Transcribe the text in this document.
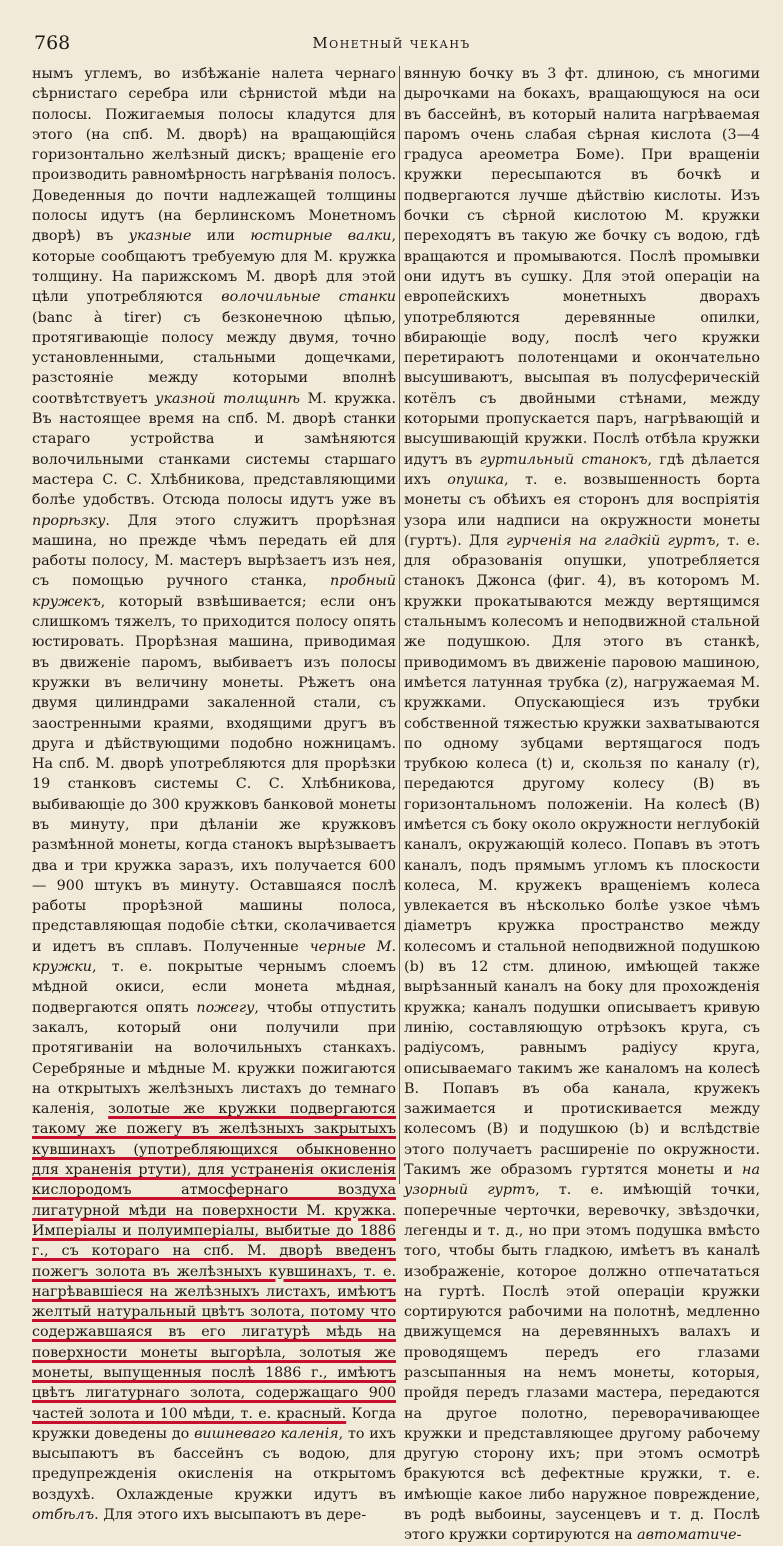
768	Монетный чеканъ

нымъ углемъ, во избѣжаніе налета чернаго сѣрнистаго серебра или сѣрнистой мѣди на полосы. Пожигаемыя полосы кладутся для этого (на спб. М. дворѣ) на вращающійся горизонтально желѣзный дискъ; вращеніе его производить равномѣрность нагрѣванія полосъ. Доведенныя до почти надлежащей толщины полосы идутъ (на берлинскомъ Монетномъ дворѣ) въ указные или юстирные валки, которые сообщаютъ требуемую для М. кружка толщину. На парижскомъ М. дворѣ для этой цѣли употребляются волочильные станки (banc à tirer) съ безконечною цѣпью, протягивающіе полосу между двумя, точно установленными, стальными дощечками, разстояніе между которыми вполнѣ соотвѣтствуетъ указной толщинѣ М. кружка. Въ настоящее время на спб. М. дворѣ станки стараго устройства и замѣняются волочильными станками системы старшаго мастера С. С. Хлѣбникова, представляющими болѣе удобствъ. Отсюда полосы идутъ уже въ прорѣзку. Для этого служитъ прорѣзная машина, но прежде чѣмъ передать ей для работы полосу, М. мастеръ вырѣзаетъ изъ нея, съ помощью ручного станка, пробный кружекъ, который взвѣшивается; если онъ слишкомъ тяжелъ, то приходится полосу опять юстировать. Прорѣзная машина, приводимая въ движеніе паромъ, выбиваетъ изъ полосы кружки въ величину монеты. Рѣжетъ она двумя цилиндрами закаленной стали, съ заостренными краями, входящими другъ въ друга и дѣйствующими подобно ножницамъ. На спб. М. дворѣ употребляются для прорѣзки 19 станковъ системы С. С. Хлѣбникова, выбивающіе до 300 кружковъ банковой монеты въ минуту, при дѣланіи же кружковъ размѣнной монеты, когда станокъ вырѣзываетъ два и три кружка заразъ, ихъ получается 600 — 900 штукъ въ минуту. Оставшаяся послѣ работы прорѣзной машины полоса, представляющая подобіе сѣтки, сколачивается и идетъ въ сплавъ. Полученные черные М. кружки, т. е. покрытые чернымъ слоемъ мѣдной окиси, если монета мѣдная, подвергаются опять пожегу, чтобы отпустить закалъ, который они получили при протягиваніи на волочильныхъ станкахъ. Серебряные и мѣдные М. кружки пожигаются на открытыхъ желѣзныхъ листахъ до темнаго каленія, золотые же кружки подвергаются такому же пожегу въ желѣзныхъ закрытыхъ кувшинахъ (употребляющихся обыкновенно для храненія ртути), для устраненія окисленія кислородомъ атмосфернаго воздуха лигатурной мѣди на поверхности М. кружка. Имперіалы и полуимперіалы, выбитые до 1886 г., съ котораго на спб. М. дворѣ введенъ пожегъ золота въ желѣзныхъ кувшинахъ, т. е. нагрѣвавшіеся на желѣзныхъ листахъ, имѣютъ желтый натуральный цвѣтъ золота, потому что содержавшаяся въ его лигатурѣ мѣдь на поверхности монеты выгорѣла, золотыя же монеты, выпущенныя послѣ 1886 г., имѣютъ цвѣтъ лигатурнаго золота, содержащаго 900 частей золота и 100 мѣди, т. е. красный. Когда кружки доведены до вишневаго каленія, то ихъ высыпаютъ въ бассейнъ съ водою, для предупрежденія окисленія на открытомъ воздухѣ. Охлажденые кружки идутъ въ отбѣлъ. Для этого ихъ высыпаютъ въ дере-

вянную бочку въ 3 фт. длиною, съ многими дырочками на бокахъ, вращающуюся на оси въ бассейнѣ, въ который налита нагрѣваемая паромъ очень слабая сѣрная кислота (3—4 градуса ареометра Боме). При вращеніи кружки пересыпаются въ бочкѣ и подвергаются лучше дѣйствію кислоты. Изъ бочки съ сѣрной кислотою М. кружки переходятъ въ такую же бочку съ водою, гдѣ вращаются и промываются. Послѣ промывки они идутъ въ сушку. Для этой операціи на европейскихъ монетныхъ дворахъ употребляются деревянные опилки, вбирающіе воду, послѣ чего кружки перетираютъ полотенцами и окончательно высушиваютъ, высыпая въ полусферическій котёлъ съ двойными стѣнами, между которыми пропускается паръ, нагрѣвающій и высушивающій кружки. Послѣ отбѣла кружки идутъ въ гуртильный станокъ, гдѣ дѣлается ихъ опушка, т. е. возвышенность борта монеты съ обѣихъ ея сторонъ для воспріятія узора или надписи на окружности монеты (гуртъ). Для гурченія на гладкій гуртъ, т. е. для образованія опушки, употребляется станокъ Джонса (фиг. 4), въ которомъ М. кружки прокатываются между вертящимся стальнымъ колесомъ и неподвижной стальной же подушкою. Для этого въ станкѣ, приводимомъ въ движеніе паровою машиною, имѣется латунная трубка (z), нагружаемая М. кружками. Опускающіеся изъ трубки собственной тяжестью кружки захватываются по одному зубцами вертящагося подъ трубкою колеса (t) и, скользя по каналу (r), передаются другому колесу (B) въ горизонтальномъ положеніи. На колесѣ (B) имѣется съ боку около окружности неглубокій каналъ, окружающій колесо. Попавъ въ этотъ каналъ, подъ прямымъ угломъ къ плоскости колеса, М. кружекъ вращеніемъ колеса увлекается въ нѣсколько болѣе узкое чѣмъ діаметръ кружка пространство между колесомъ и стальной неподвижной подушкою (b) въ 12 стм. длиною, имѣющей также вырѣзанный каналъ на боку для прохожденія кружка; каналъ подушки описываетъ кривую линію, составляющую отрѣзокъ круга, съ радіусомъ, равнымъ радіусу круга, описываемаго такимъ же каналомъ на колесѣ B. Попавъ въ оба канала, кружекъ зажимается и протискивается между колесомъ (B) и подушкою (b) и вслѣдствіе этого получаетъ расширеніе по окружности. Такимъ же образомъ гуртятся монеты и на узорный гуртъ, т. е. имѣющій точки, поперечные черточки, веревочку, звѣздочки, легенды и т. д., но при этомъ подушка вмѣсто того, чтобы быть гладкою, имѣетъ въ каналѣ изображеніе, которое должно отпечататься на гуртѣ. Послѣ этой операціи кружки сортируются рабочими на полотнѣ, медленно движущемся на деревянныхъ валахъ и проводящемъ передъ его глазами разсыпанныя на немъ монеты, которыя, пройдя передъ глазами мастера, передаются на другое полотно, переворачивающее кружки и представляющее другому рабочему другую сторону ихъ; при этомъ осмотрѣ бракуются всѣ дефектные кружки, т. е. имѣющіе какое либо наружное повреждение, въ родѣ выбоины, заусенцевъ и т. д. Послѣ этого кружки сортируются на автоматиче-
